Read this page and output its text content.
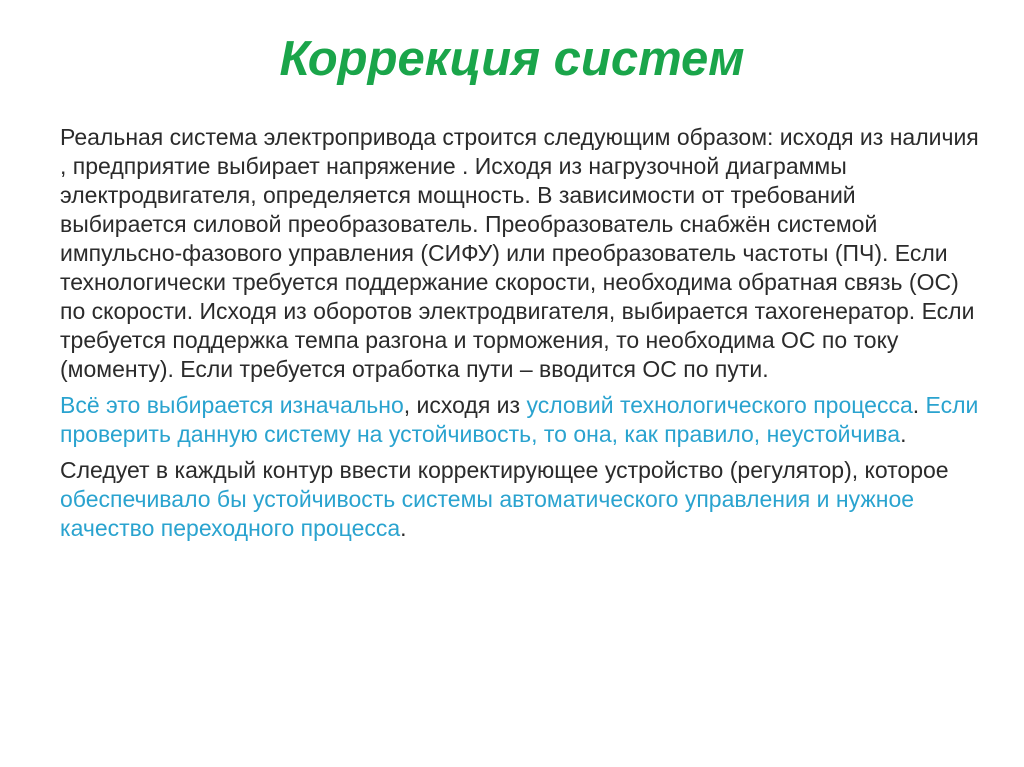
Коррекция систем

Реальная система электропривода строится следующим образом: исходя из наличия , предприятие выбирает напряжение . Исходя из нагрузочной диаграммы электродвигателя, определяется мощность. В зависимости от требований выбирается силовой преобразователь. Преобразователь снабжён системой импульсно-фазового управления (СИФУ) или преобразователь частоты (ПЧ). Если технологически требуется поддержание скорости, необходима обратная связь (ОС) по скорости. Исходя из оборотов электродвигателя, выбирается тахогенератор. Если требуется поддержка темпа разгона и торможения, то необходима ОС по току (моменту). Если требуется отработка пути – вводится ОС по пути.

Всё это выбирается изначально, исходя из условий технологического процесса. Если проверить данную систему на устойчивость, то она, как правило, неустойчива.

Следует в каждый контур ввести корректирующее устройство (регулятор), которое обеспечивало бы устойчивость системы автоматического управления и нужное качество переходного процесса.
